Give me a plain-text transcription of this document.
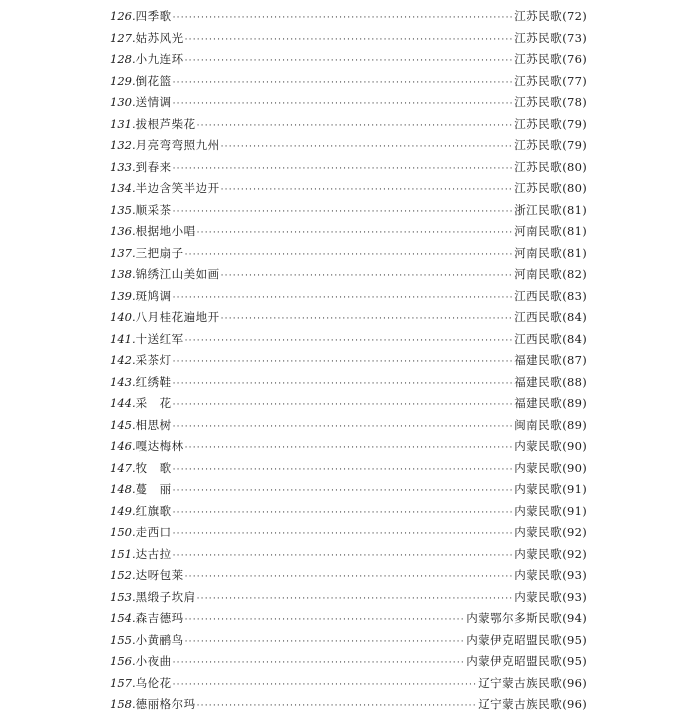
126. 四季歌 ·····	江苏民歌 (72)
127. 姑苏风光 ·····	江苏民歌 (73)
128. 小九连环 ·····	江苏民歌 (76)
129. 倒花篮 ·····	江苏民歌 (77)
130. 送情调 ·····	江苏民歌 (78)
131. 拔根芦柴花 ·····	江苏民歌 (79)
132. 月亮弯弯照九州 ·····	江苏民歌 (79)
133. 到春来 ·····	江苏民歌 (80)
134. 半边含笑半边开 ·····	江苏民歌 (80)
135. 顺采茶 ·····	浙江民歌 (81)
136. 根据地小唱 ·····	河南民歌 (81)
137. 三把扇子 ·····	河南民歌 (81)
138. 锦绣江山美如画 ·····	河南民歌 (82)
139. 斑鸠调 ·····	江西民歌 (83)
140. 八月桂花遍地开 ·····	江西民歌 (84)
141. 十送红军 ·····	江西民歌 (84)
142. 采茶灯 ·····	福建民歌 (87)
143. 红绣鞋 ·····	福建民歌 (88)
144. 采　花 ·····	福建民歌 (89)
145. 相思树 ·····	闽南民歌 (89)
146. 嘎达梅林 ·····	内蒙民歌 (90)
147. 牧　歌 ·····	内蒙民歌 (90)
148. 蔓　丽 ·····	内蒙民歌 (91)
149. 红旗歌 ·····	内蒙民歌 (91)
150. 走西口 ·····	内蒙民歌 (92)
151. 达古拉 ·····	内蒙民歌 (92)
152. 达呀包莱 ·····	内蒙民歌 (93)
153. 黑缎子坎肩 ·····	内蒙民歌 (93)
154. 森吉德玛 ·····	内蒙鄂尔多斯民歌 (94)
155. 小黄鹂鸟 ·····	内蒙伊克昭盟民歌 (95)
156. 小夜曲 ·····	内蒙伊克昭盟民歌 (95)
157. 乌伦花 ·····	辽宁蒙古族民歌 (96)
158. 德丽格尔玛 ·····	辽宁蒙古族民歌 (96)
